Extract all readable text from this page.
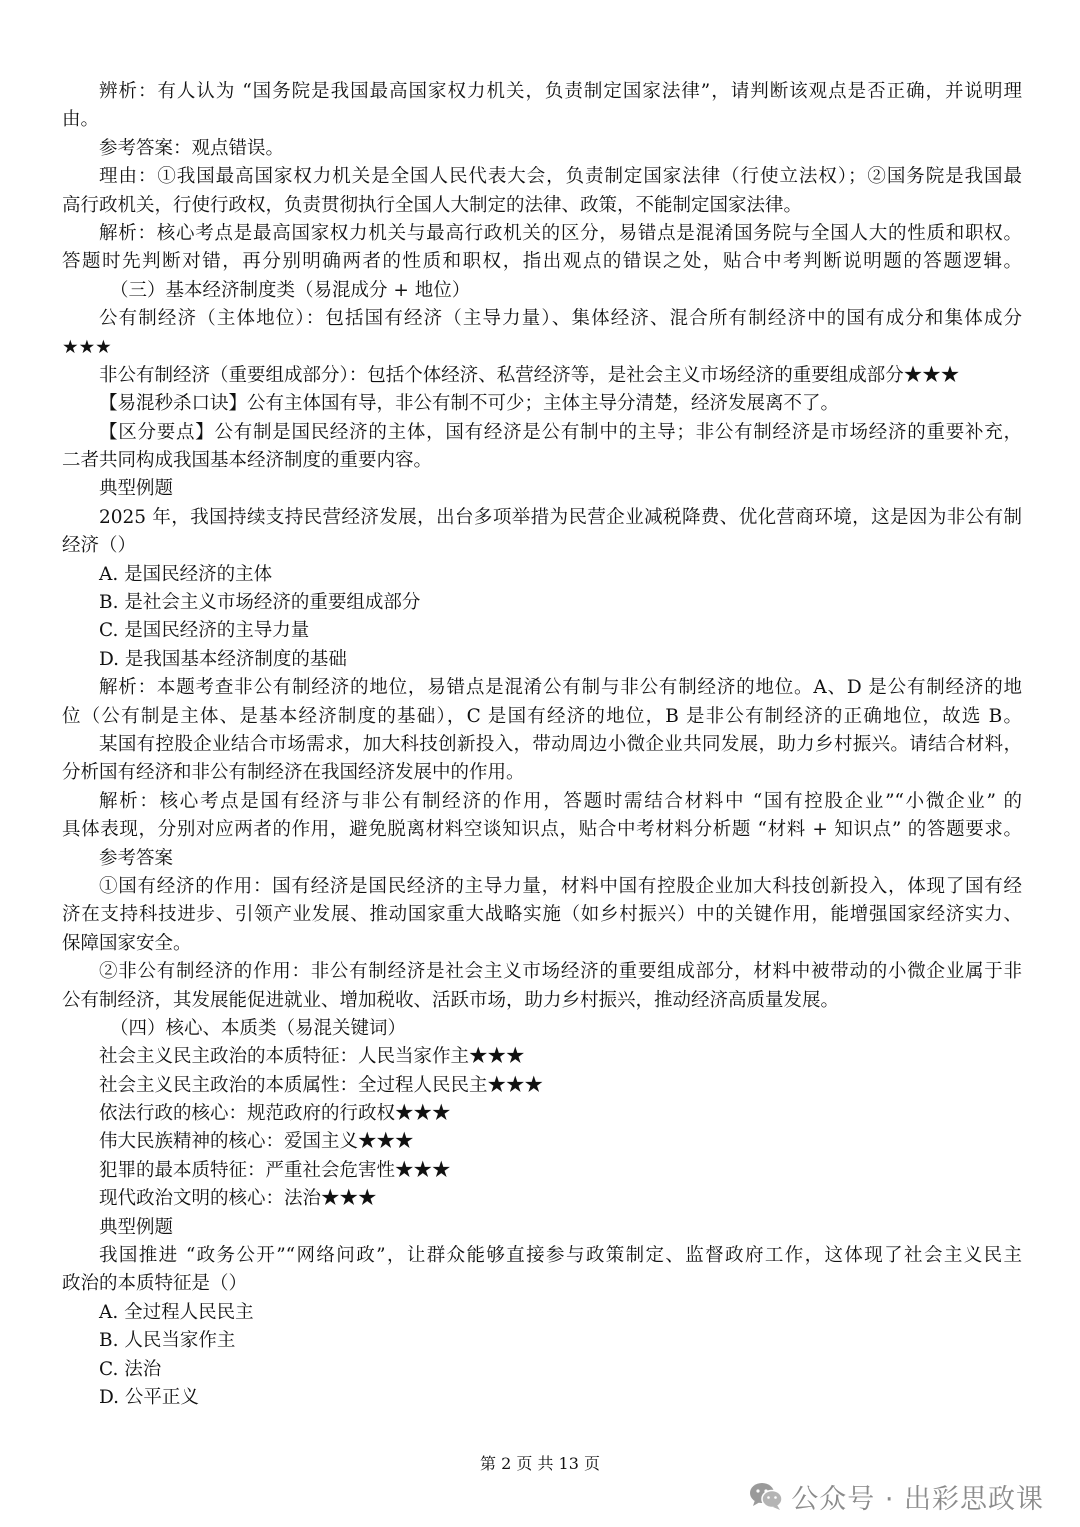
辨析：有人认为 “国务院是我国最高国家权力机关，负责制定国家法律”，请判断该观点是否正确，并说明理
由。
参考答案：观点错误。
理由：①我国最高国家权力机关是全国人民代表大会，负责制定国家法律（行使立法权）；②国务院是我国最
高行政机关，行使行政权，负责贯彻执行全国人大制定的法律、政策，不能制定国家法律。
解析：核心考点是最高国家权力机关与最高行政机关的区分，易错点是混淆国务院与全国人大的性质和职权。
答题时先判断对错，再分别明确两者的性质和职权，指出观点的错误之处，贴合中考判断说明题的答题逻辑。
（三）基本经济制度类（易混成分 + 地位）
公有制经济（主体地位）：包括国有经济（主导力量）、集体经济、混合所有制经济中的国有成分和集体成分
★★★
非公有制经济（重要组成部分）：包括个体经济、私营经济等，是社会主义市场经济的重要组成部分★★★
【易混秒杀口诀】公有主体国有导，非公有制不可少；主体主导分清楚，经济发展离不了。
【区分要点】公有制是国民经济的主体，国有经济是公有制中的主导；非公有制经济是市场经济的重要补充，
二者共同构成我国基本经济制度的重要内容。
典型例题
2025 年，我国持续支持民营经济发展，出台多项举措为民营企业减税降费、优化营商环境，这是因为非公有制
经济（）
A. 是国民经济的主体
B. 是社会主义市场经济的重要组成部分
C. 是国民经济的主导力量
D. 是我国基本经济制度的基础
解析：本题考查非公有制经济的地位，易错点是混淆公有制与非公有制经济的地位。A、D 是公有制经济的地
位（公有制是主体、是基本经济制度的基础），C 是国有经济的地位，B 是非公有制经济的正确地位，故选 B。
某国有控股企业结合市场需求，加大科技创新投入，带动周边小微企业共同发展，助力乡村振兴。请结合材料，
分析国有经济和非公有制经济在我国经济发展中的作用。
解析：核心考点是国有经济与非公有制经济的作用，答题时需结合材料中 “国有控股企业”“小微企业” 的
具体表现，分别对应两者的作用，避免脱离材料空谈知识点，贴合中考材料分析题 “材料 + 知识点” 的答题要求。
参考答案
①国有经济的作用：国有经济是国民经济的主导力量，材料中国有控股企业加大科技创新投入，体现了国有经
济在支持科技进步、引领产业发展、推动国家重大战略实施（如乡村振兴）中的关键作用，能增强国家经济实力、
保障国家安全。
②非公有制经济的作用：非公有制经济是社会主义市场经济的重要组成部分，材料中被带动的小微企业属于非
公有制经济，其发展能促进就业、增加税收、活跃市场，助力乡村振兴，推动经济高质量发展。
（四）核心、本质类（易混关键词）
社会主义民主政治的本质特征：人民当家作主★★★
社会主义民主政治的本质属性：全过程人民民主★★★
依法行政的核心：规范政府的行政权★★★
伟大民族精神的核心：爱国主义★★★
犯罪的最本质特征：严重社会危害性★★★
现代政治文明的核心：法治★★★
典型例题
我国推进 “政务公开”“网络问政”，让群众能够直接参与政策制定、监督政府工作，这体现了社会主义民主
政治的本质特征是（）
A. 全过程人民民主
B. 人民当家作主
C. 法治
D. 公平正义
第 2 页 共 13 页
公众号 · 出彩思政课
